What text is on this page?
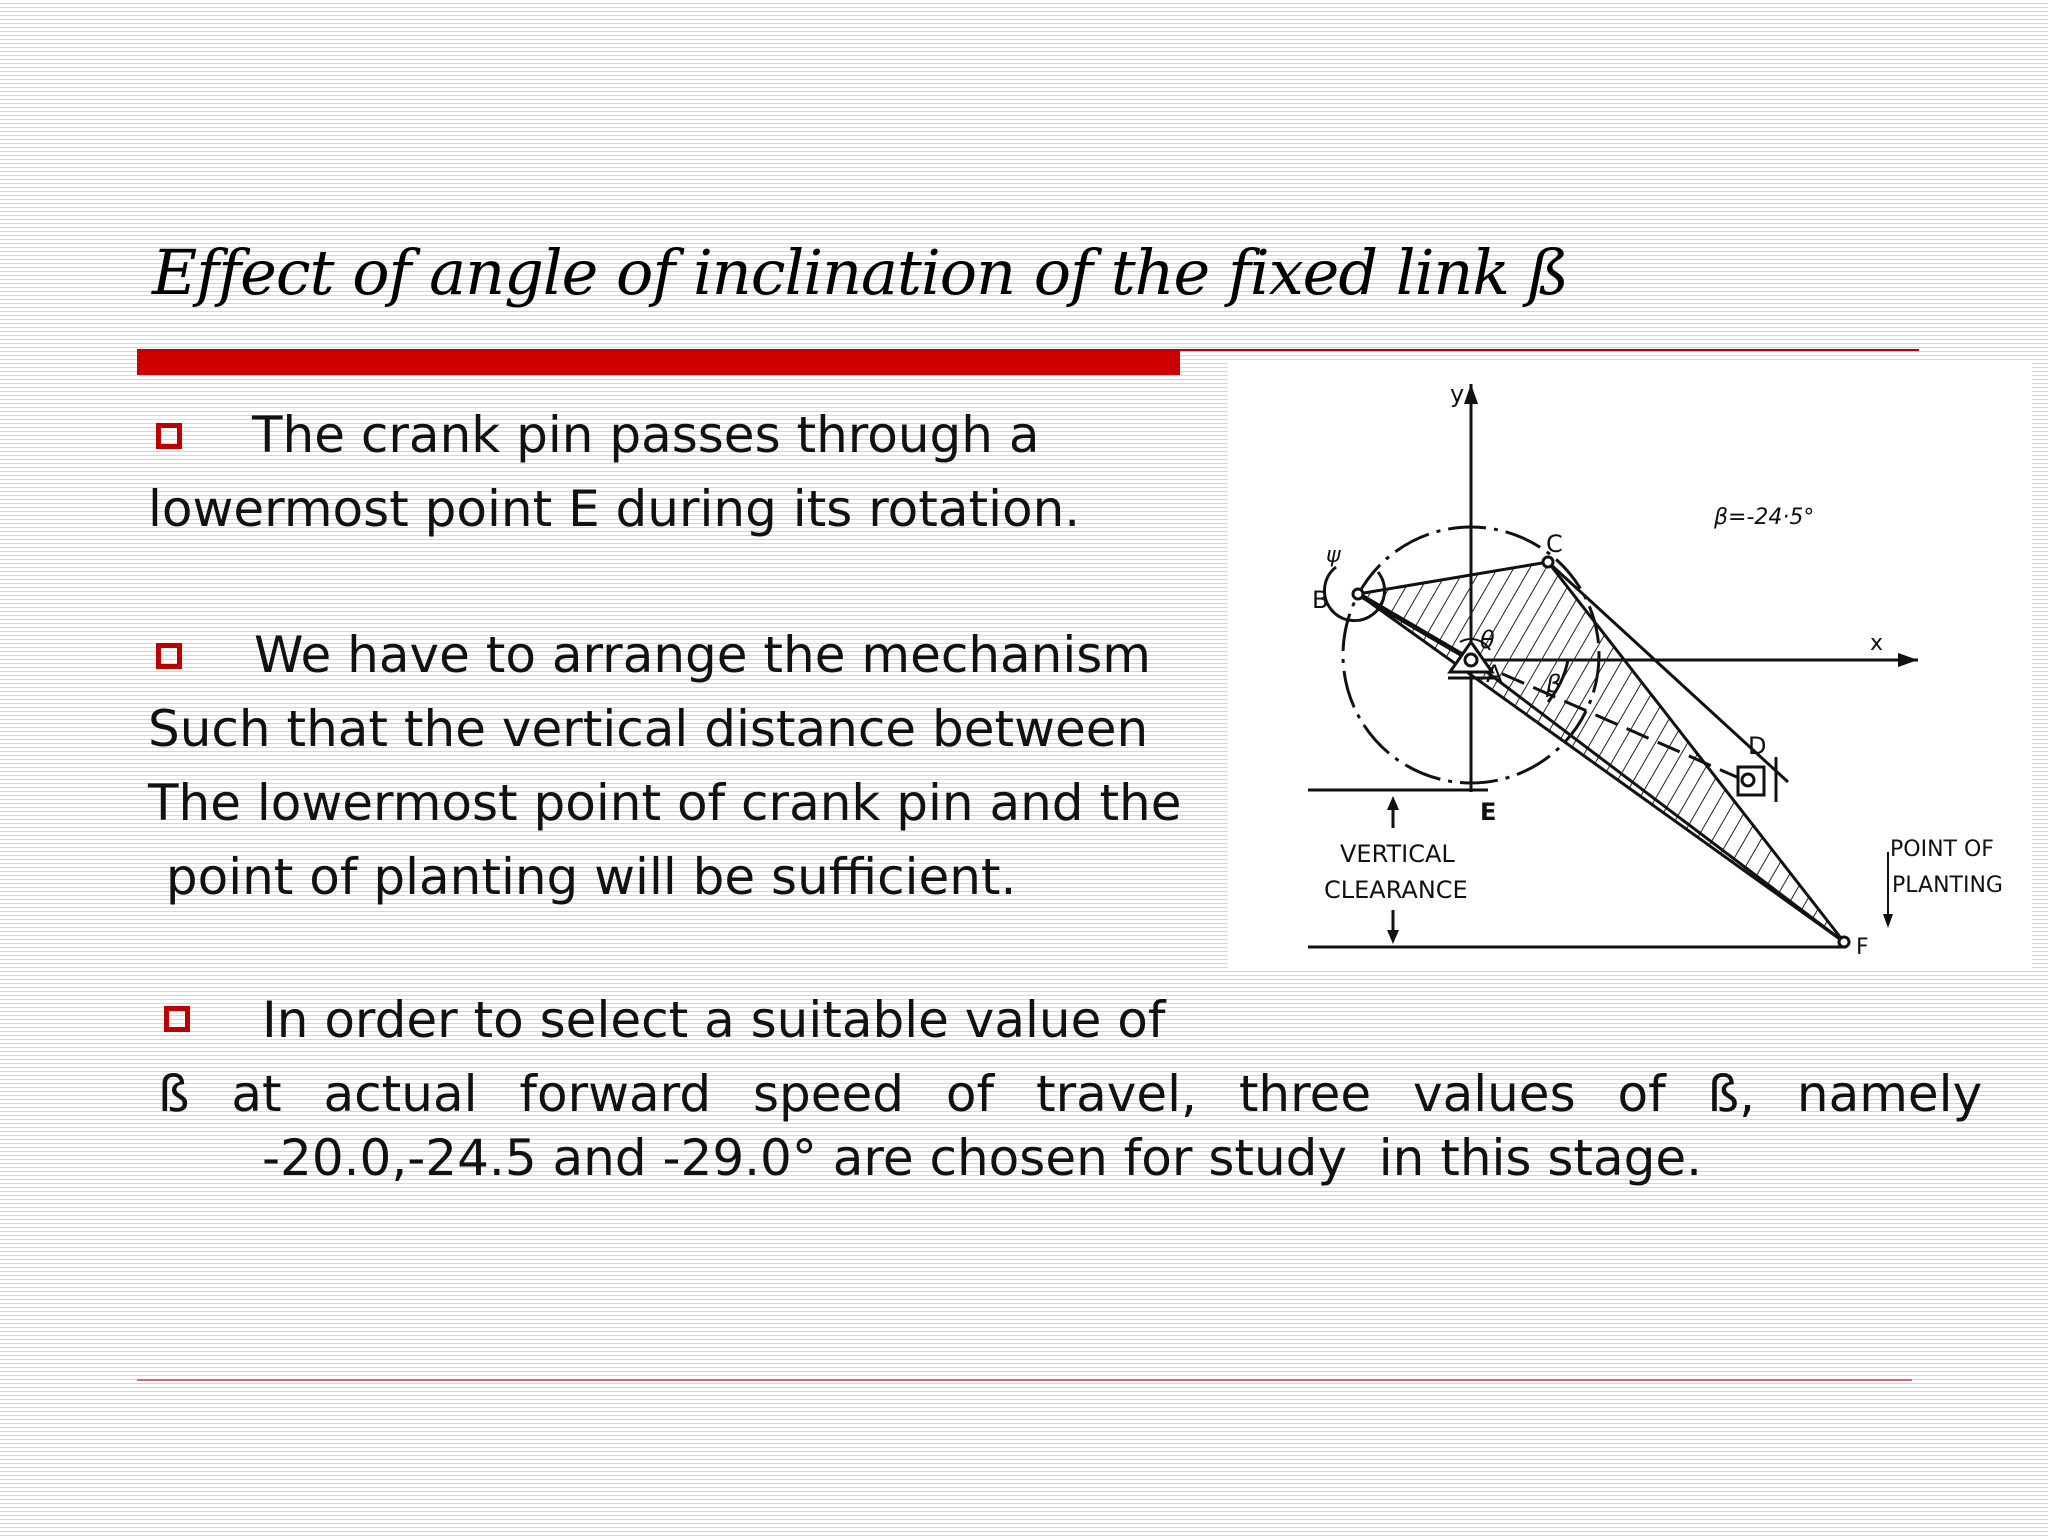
Effect of angle of inclination of the fixed link ß

The crank pin passes through a

lowermost point E during its rotation.

We have to arrange the mechanism

Such that the vertical distance between

The lowermost point of crank pin and the

point of planting will be sufficient.

In order to select a suitable value of

ß at actual forward speed of travel, three values of ß, namely

-20.0,-24.5 and -29.0° are chosen for study  in this stage.

y
x
β=-24·5°
θ
β
A
B
C
D
E
F
ψ
VERTICAL
CLEARANCE
POINT OF
PLANTING
